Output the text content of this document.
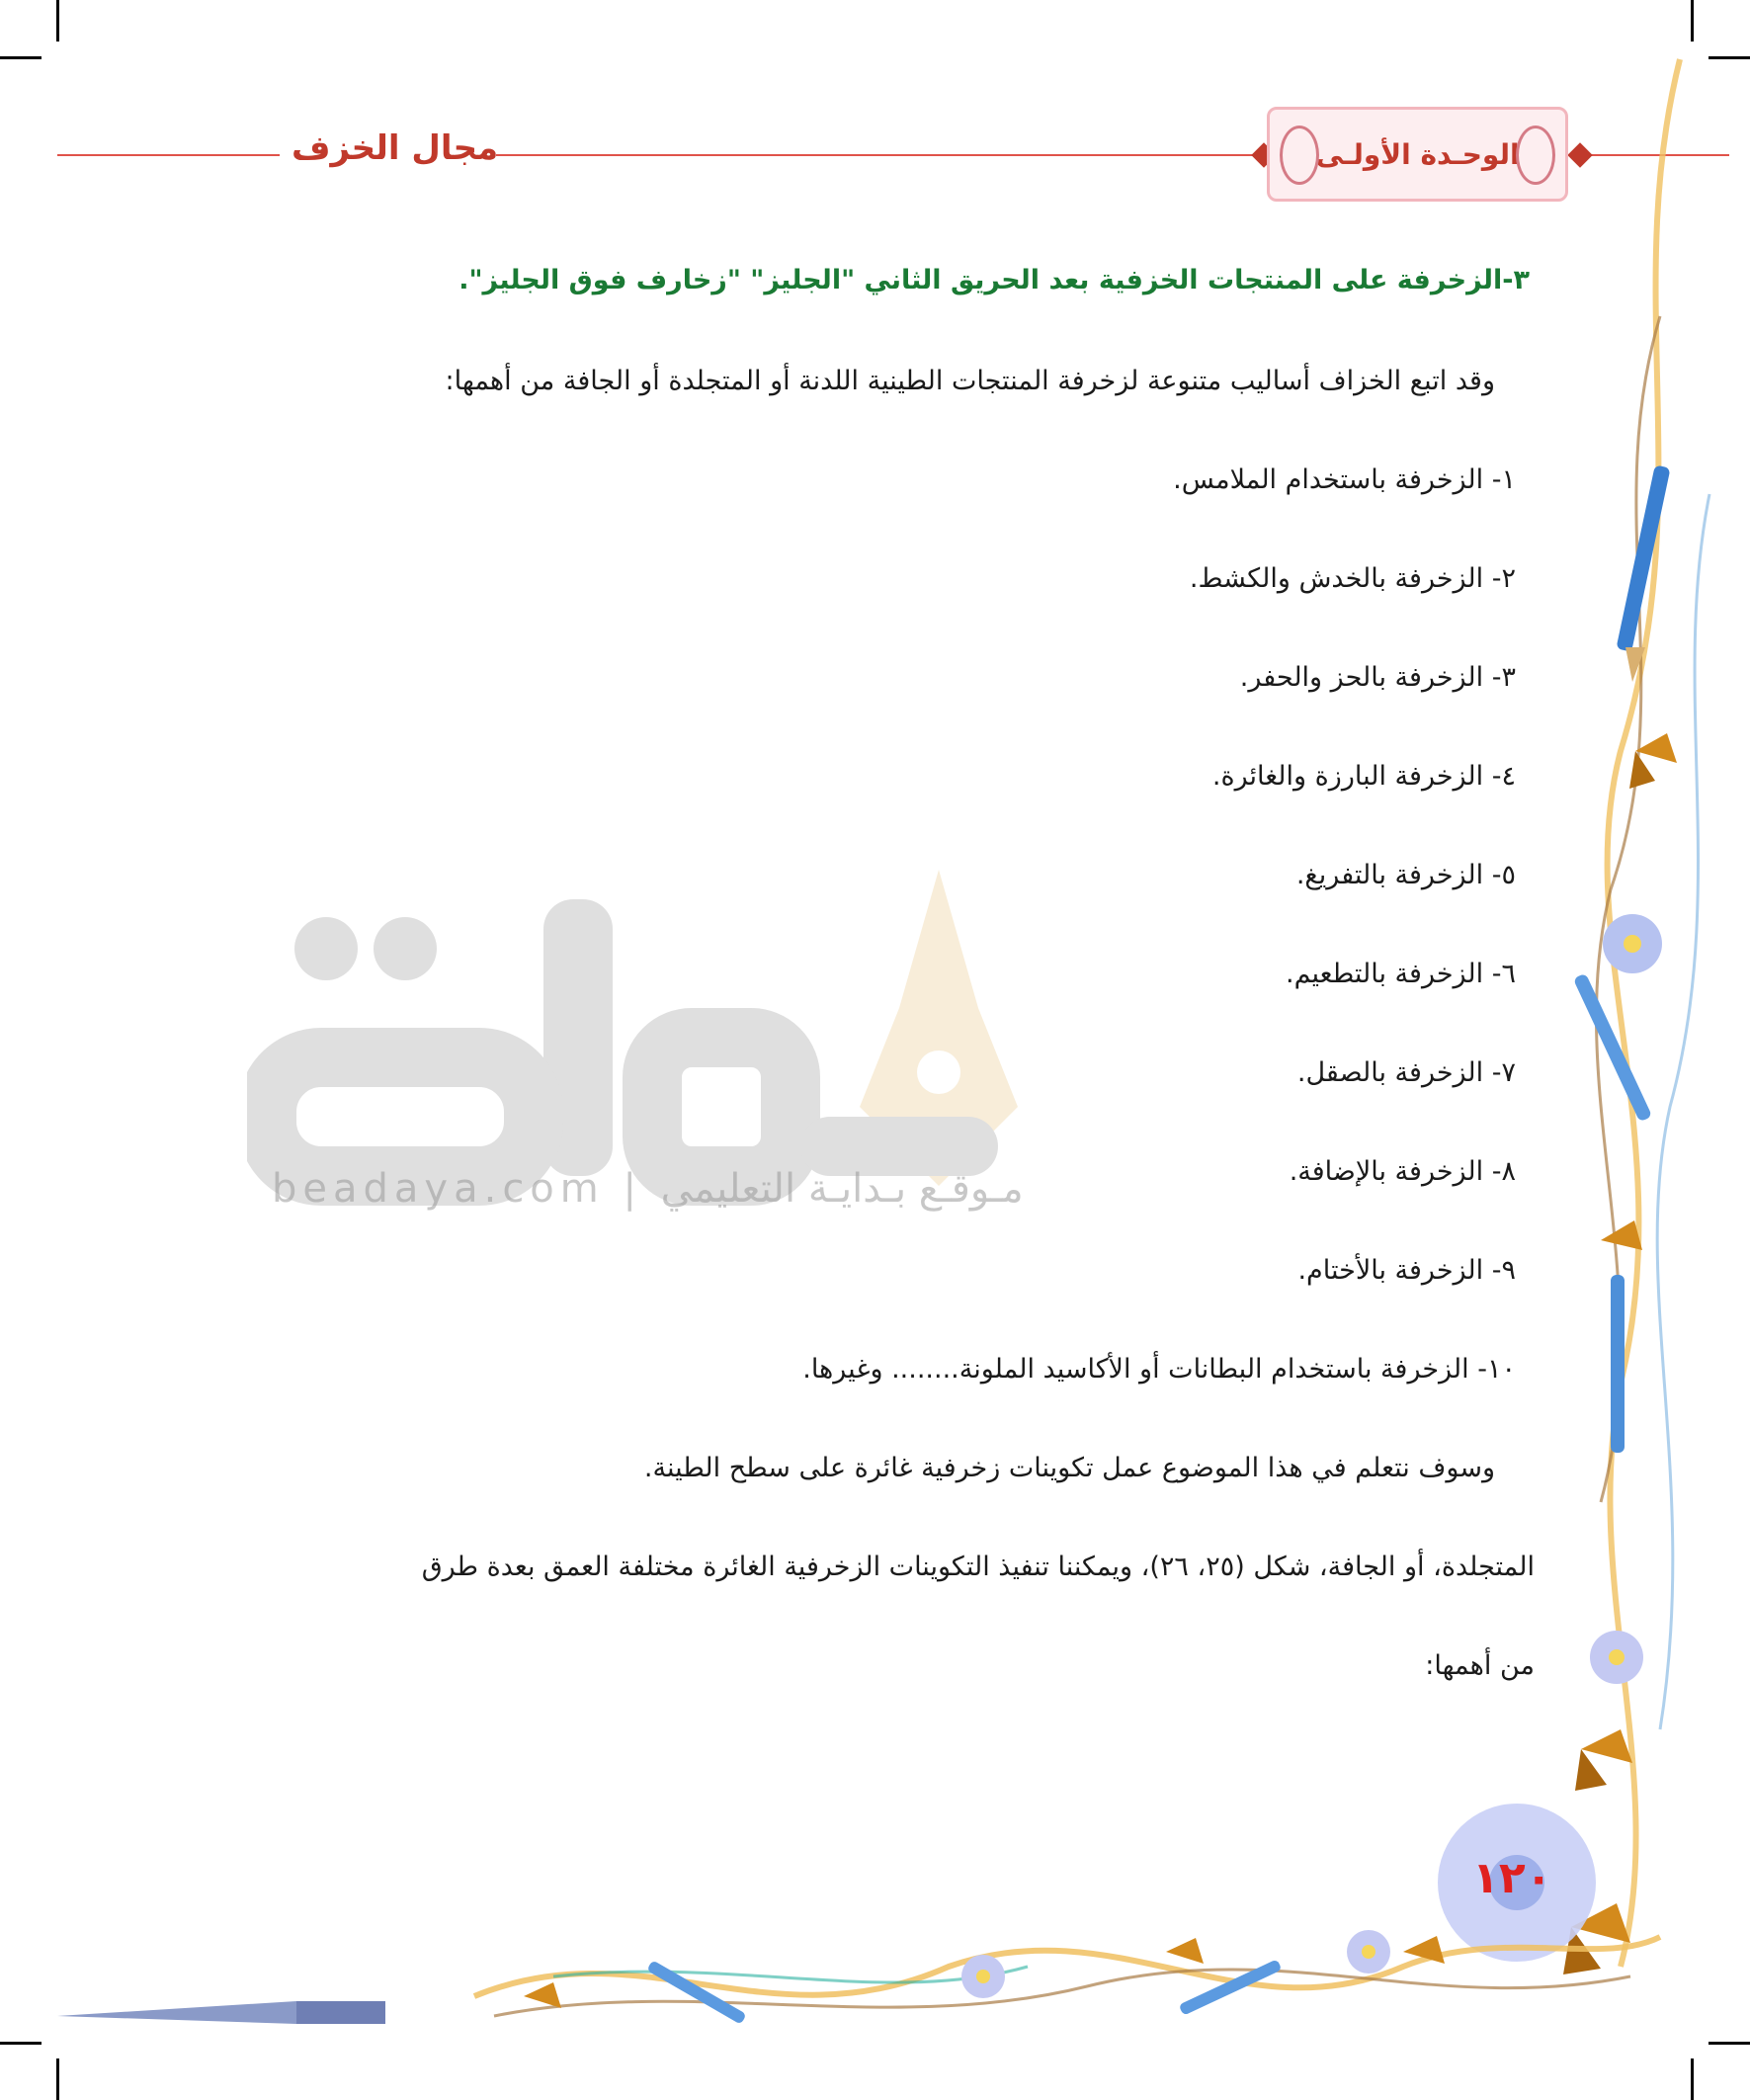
الوحـدة الأولـى
مجال الخزف
beadaya.com | مـوقـع بـدايـة التعليمي
٣-الزخرفة على المنتجات الخزفية بعد الحريق الثاني "الجليز" "زخارف فوق الجليز".
وقد اتبع الخزاف أساليب متنوعة لزخرفة المنتجات الطينية اللدنة أو المتجلدة أو الجافة من أهمها:
١- الزخرفة باستخدام الملامس.
٢- الزخرفة بالخدش والكشط.
٣- الزخرفة بالحز والحفر.
٤- الزخرفة البارزة والغائرة.
٥- الزخرفة بالتفريغ.
٦- الزخرفة بالتطعيم.
٧- الزخرفة بالصقل.
٨- الزخرفة بالإضافة.
٩- الزخرفة بالأختام.
١٠- الزخرفة باستخدام البطانات أو الأكاسيد الملونة........ وغيرها.
وسوف نتعلم في هذا الموضوع عمل تكوينات زخرفية غائرة على سطح الطينة.
المتجلدة، أو الجافة، شكل (٢٥، ٢٦)، ويمكننا تنفيذ التكوينات الزخرفية الغائرة مختلفة العمق بعدة طرق
من أهمها:
١٢٠
